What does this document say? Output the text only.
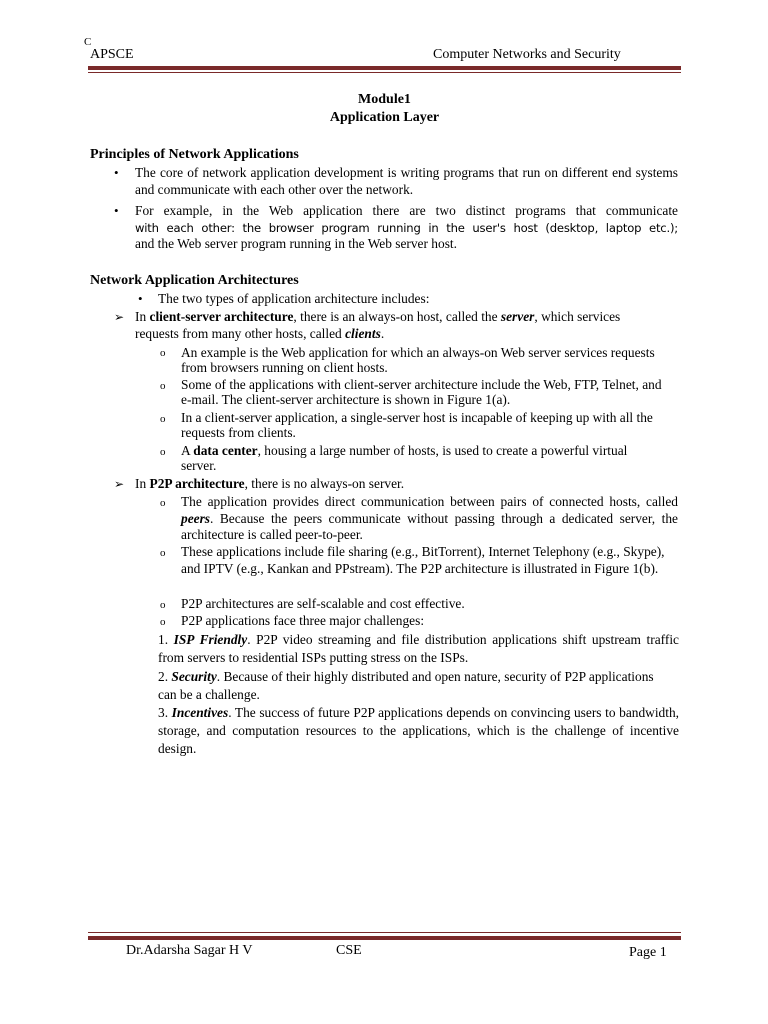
C
APSCE	Computer Networks and Security
Module1
Application Layer
Principles of Network Applications
• The core of network application development is writing programs that run on different end systems and communicate with each other over the network.
• For example, in the Web application there are two distinct programs that communicate
with each other: the browser program running in the user's host (desktop, laptop etc.);
and the Web server program running in the Web server host.
Network Application Architectures
• The two types of application architecture includes:
➢ In client-server architecture, there is an always-on host, called the server, which services requests from many other hosts, called clients.
o An example is the Web application for which an always-on Web server services requests from browsers running on client hosts.
o Some of the applications with client-server architecture include the Web, FTP, Telnet, and e-mail. The client-server architecture is shown in Figure 1(a).
o In a client-server application, a single-server host is incapable of keeping up with all the requests from clients.
o A data center, housing a large number of hosts, is used to create a powerful virtual server.
➢ In P2P architecture, there is no always-on server.
o The application provides direct communication between pairs of connected hosts, called peers. Because the peers communicate without passing through a dedicated server, the architecture is called peer-to-peer.
o These applications include file sharing (e.g., BitTorrent), Internet Telephony (e.g., Skype), and IPTV (e.g., Kankan and PPstream). The P2P architecture is illustrated in Figure 1(b).
o P2P architectures are self-scalable and cost effective.
o P2P applications face three major challenges:
1. ISP Friendly. P2P video streaming and file distribution applications shift upstream traffic from servers to residential ISPs putting stress on the ISPs.
2. Security. Because of their highly distributed and open nature, security of P2P applications can be a challenge.
3. Incentives. The success of future P2P applications depends on convincing users to bandwidth, storage, and computation resources to the applications, which is the challenge of incentive design.
Dr.Adarsha Sagar H V	CSE	Page 1
